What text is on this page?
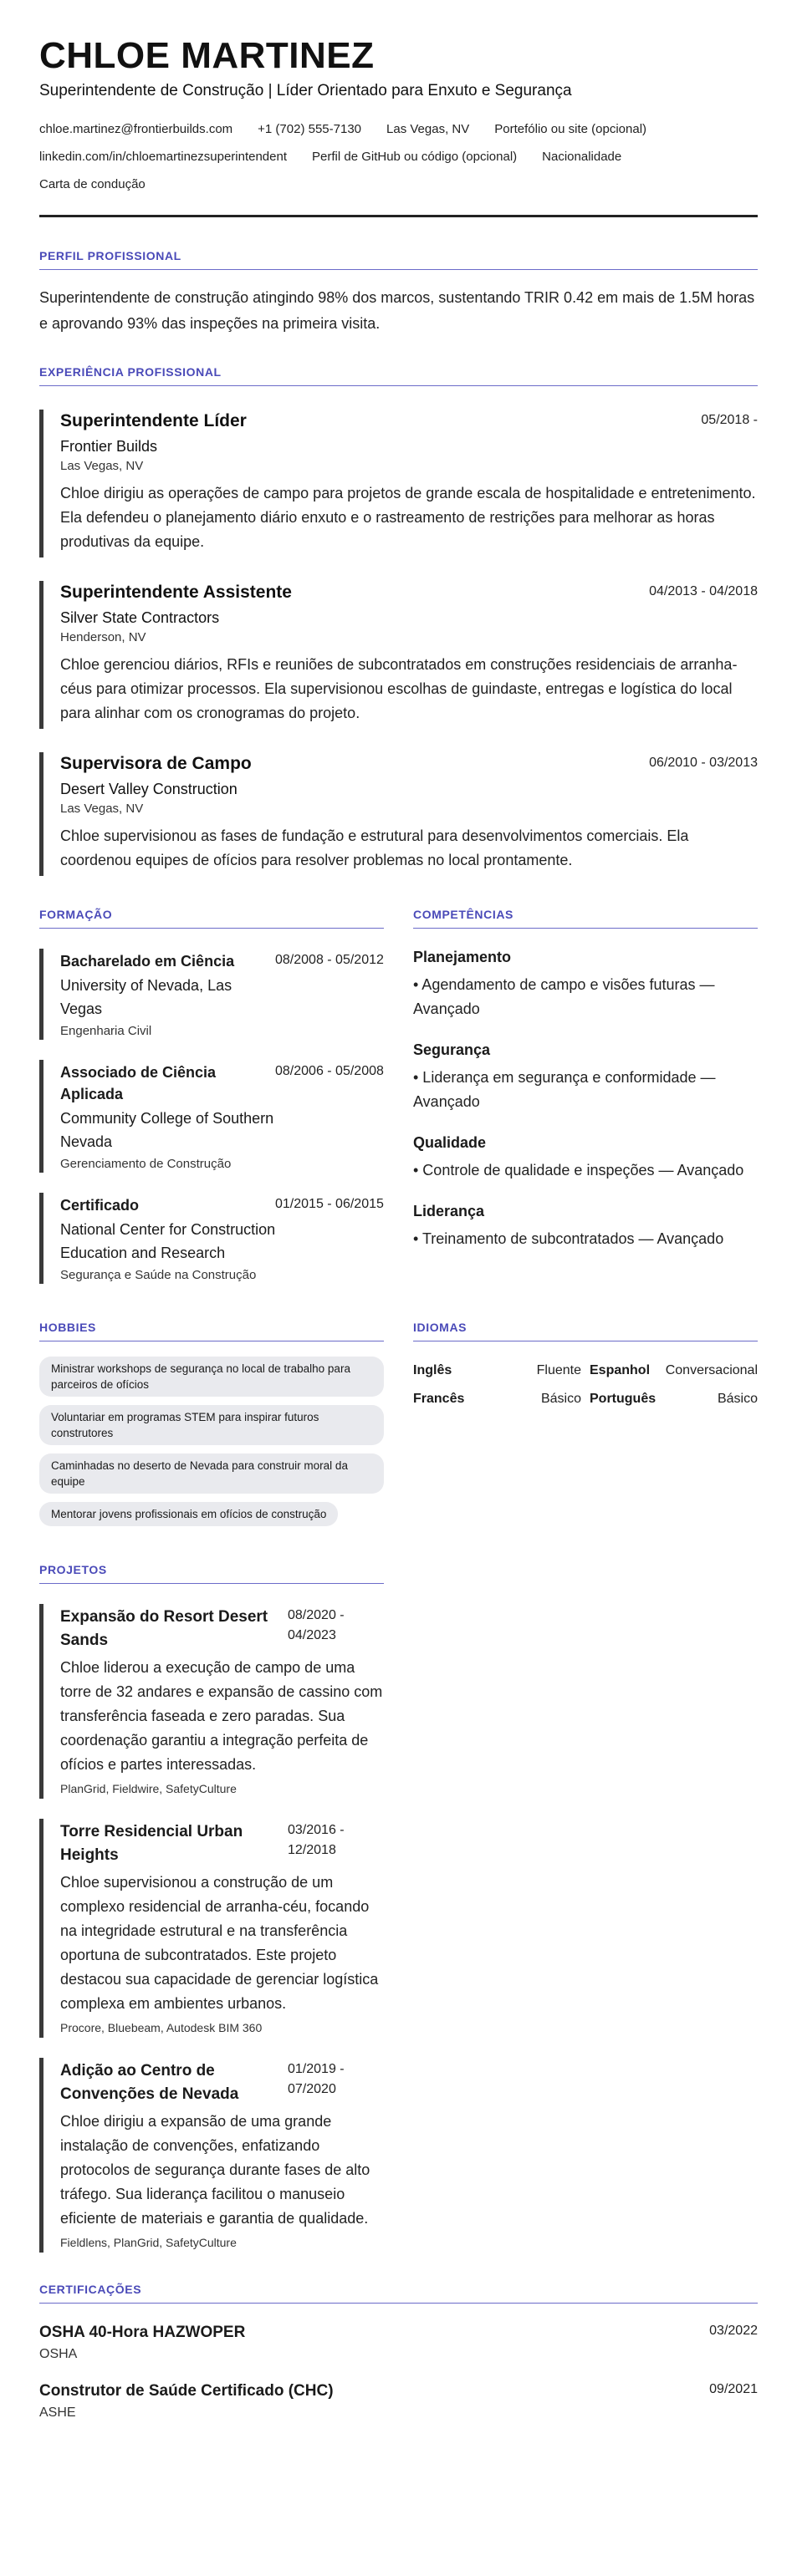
CHLOE MARTINEZ
Superintendente de Construção | Líder Orientado para Enxuto e Segurança
chloe.martinez@frontierbuilds.com +1 (702) 555-7130 Las Vegas, NV Portefólio ou site (opcional)
linkedin.com/in/chloemartinezsuperintendent Perfil de GitHub ou código (opcional) Nacionalidade
Carta de condução
PERFIL PROFISSIONAL

Superintendente de construção atingindo 98% dos marcos, sustentando TRIR 0.42 em mais de 1.5M horas e aprovando 93% das inspeções na primeira visita.

EXPERIÊNCIA PROFISSIONAL
Superintendente Líder	05/2018 -
Frontier Builds
Las Vegas, NV

Chloe dirigiu as operações de campo para projetos de grande escala de hospitalidade e entretenimento. Ela defendeu o planejamento diário enxuto e o rastreamento de restrições para melhorar as horas produtivas da equipe.

Superintendente Assistente	04/2013 - 04/2018
Silver State Contractors
Henderson, NV

Chloe gerenciou diários, RFIs e reuniões de subcontratados em construções residenciais de arranha-céus para otimizar processos. Ela supervisionou escolhas de guindaste, entregas e logística do local para alinhar com os cronogramas do projeto.

Supervisora de Campo	06/2010 - 03/2013
Desert Valley Construction
Las Vegas, NV

Chloe supervisionou as fases de fundação e estrutural para desenvolvimentos comerciais. Ela coordenou equipes de ofícios para resolver problemas no local prontamente.

FORMAÇÃO
Bacharelado em Ciência	08/2008 - 05/2012
University of Nevada, Las Vegas
Engenharia Civil
Associado de Ciência Aplicada
08/2006 - 05/2008
Community College of Southern Nevada
Gerenciamento de Construção
Certificado	01/2015 - 06/2015
National Center for Construction Education and Research
Segurança e Saúde na Construção
COMPETÊNCIAS
Planejamento
• Agendamento de campo e visões futuras — Avançado
Segurança
• Liderança em segurança e conformidade — Avançado
Qualidade
• Controle de qualidade e inspeções — Avançado
Liderança
• Treinamento de subcontratados — Avançado
HOBBIES
Ministrar workshops de segurança no local de trabalho para parceiros de ofícios Voluntariar em programas STEM para inspirar futuros construtores Caminhadas no deserto de Nevada para construir moral da equipe Mentorar jovens profissionais em ofícios de construção
IDIOMAS
Inglês	Fluente Espanhol Conversacional
Francês	Básico Português	Básico
PROJETOS
Expansão do Resort Desert Sands
08/2020 - 04/2023

Chloe liderou a execução de campo de uma torre de 32 andares e expansão de cassino com transferência faseada e zero paradas. Sua coordenação garantiu a integração perfeita de ofícios e partes interessadas.

PlanGrid, Fieldwire, SafetyCulture
Torre Residencial Urban Heights
03/2016 - 12/2018

Chloe supervisionou a construção de um complexo residencial de arranha-céu, focando na integridade estrutural e na transferência oportuna de subcontratados. Este projeto destacou sua capacidade de gerenciar logística complexa em ambientes urbanos.

Procore, Bluebeam, Autodesk BIM 360
Adição ao Centro de Convenções de Nevada
01/2019 - 07/2020

Chloe dirigiu a expansão de uma grande instalação de convenções, enfatizando protocolos de segurança durante fases de alto tráfego. Sua liderança facilitou o manuseio eficiente de materiais e garantia de qualidade.

Fieldlens, PlanGrid, SafetyCulture
CERTIFICAÇÕES
OSHA 40-Hora HAZWOPER	03/2022
OSHA
Construtor de Saúde Certificado (CHC)	09/2021
ASHE
